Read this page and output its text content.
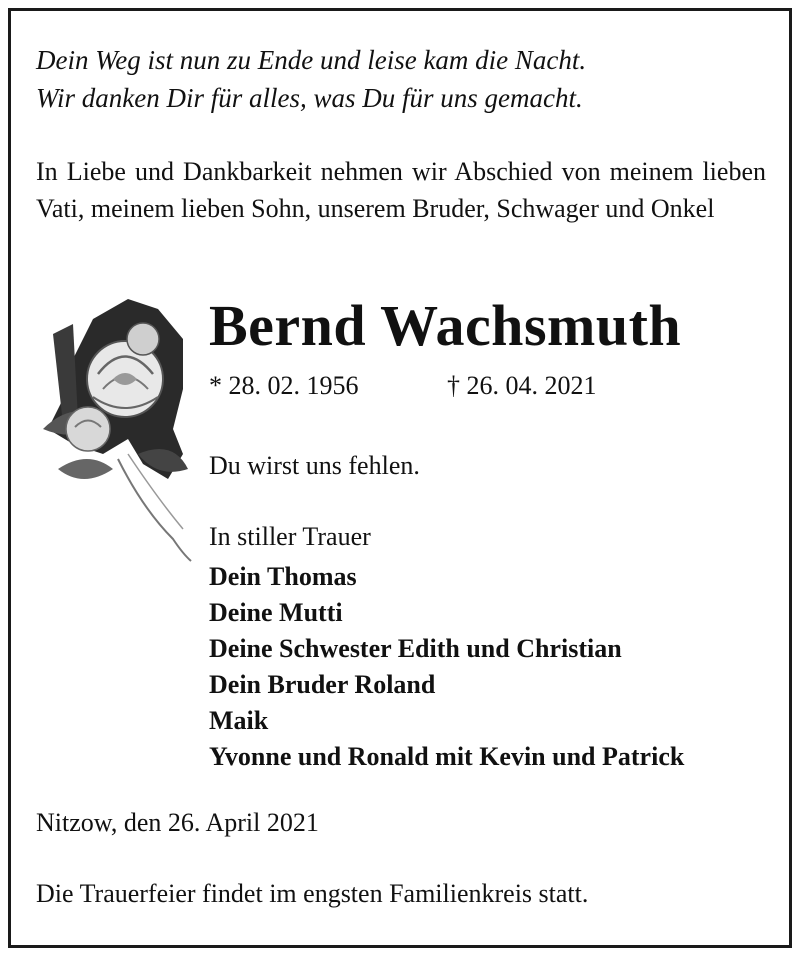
Dein Weg ist nun zu Ende und leise kam die Nacht.
Wir danken Dir für alles, was Du für uns gemacht.
In Liebe und Dankbarkeit nehmen wir Abschied von meinem lieben Vati, meinem lieben Sohn, unserem Bruder, Schwager und Onkel
Bernd Wachsmuth
* 28. 02. 1956	† 26. 04. 2021
Du wirst uns fehlen.
In stiller Trauer
Dein Thomas
Deine Mutti
Deine Schwester Edith und Christian
Dein Bruder Roland
Maik
Yvonne und Ronald mit Kevin und Patrick
Nitzow, den 26. April 2021
Die Trauerfeier findet im engsten Familienkreis statt.
